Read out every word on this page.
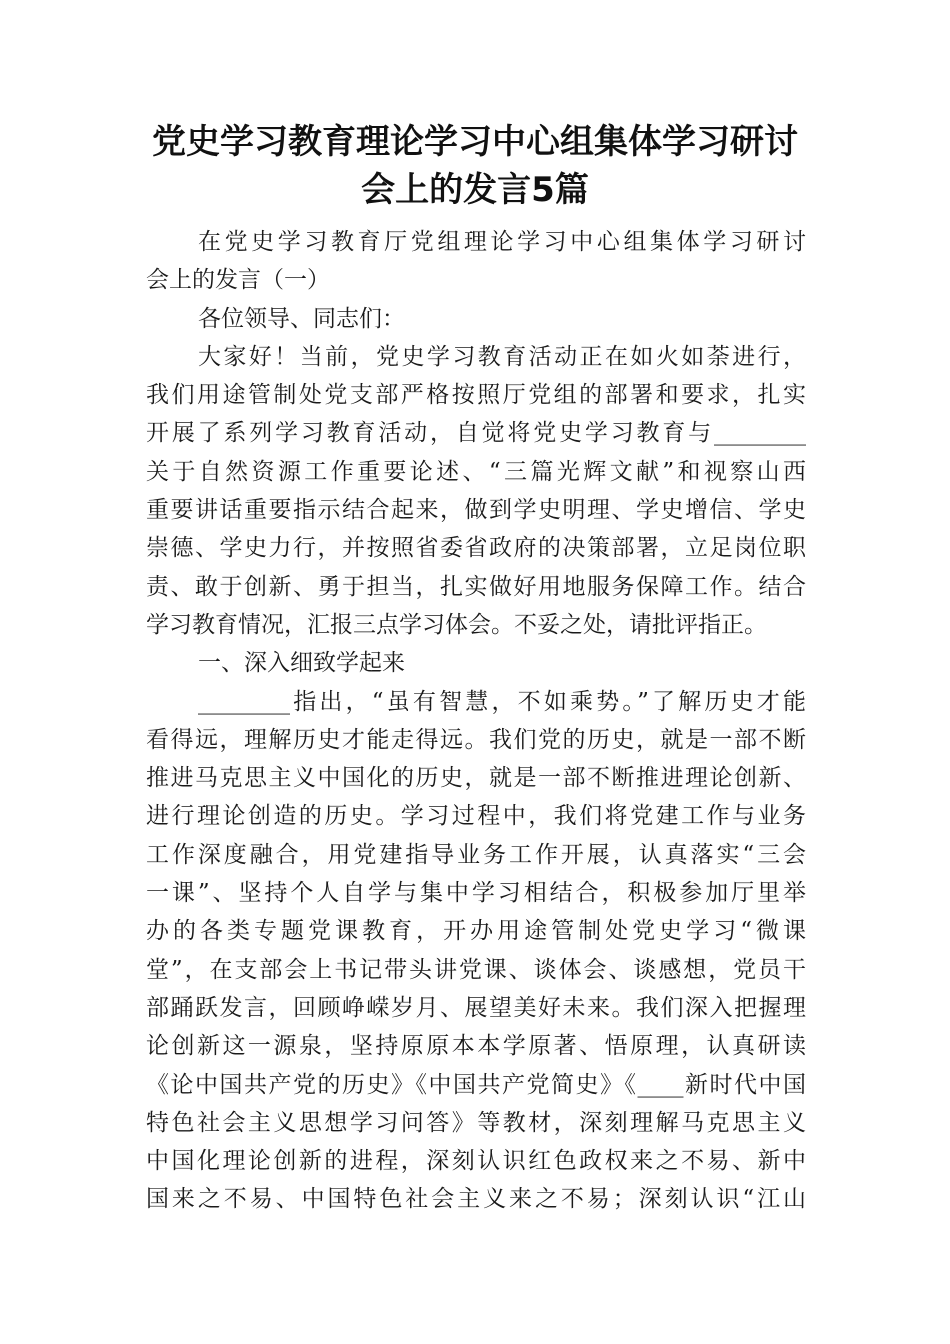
党史学习教育理论学习中心组集体学习研讨
会上的发言5篇
在党史学习教育厅党组理论学习中心组集体学习研讨
会上的发言（一）
各位领导、同志们：
大家好！当前，党史学习教育活动正在如火如荼进行，
我们用途管制处党支部严格按照厅党组的部署和要求，扎实
开展了系列学习教育活动，自觉将党史学习教育与________
关于自然资源工作重要论述、“三篇光辉文献”和视察山西
重要讲话重要指示结合起来，做到学史明理、学史增信、学史
崇德、学史力行，并按照省委省政府的决策部署，立足岗位职
责、敢于创新、勇于担当，扎实做好用地服务保障工作。结合
学习教育情况，汇报三点学习体会。不妥之处，请批评指正。
一、深入细致学起来
________指出，“虽有智慧，不如乘势。”了解历史才能
看得远，理解历史才能走得远。我们党的历史，就是一部不断
推进马克思主义中国化的历史，就是一部不断推进理论创新、
进行理论创造的历史。学习过程中，我们将党建工作与业务
工作深度融合，用党建指导业务工作开展，认真落实“三会
一课”、坚持个人自学与集中学习相结合，积极参加厅里举
办的各类专题党课教育，开办用途管制处党史学习“微课
堂”，在支部会上书记带头讲党课、谈体会、谈感想，党员干
部踊跃发言，回顾峥嵘岁月、展望美好未来。我们深入把握理
论创新这一源泉，坚持原原本本学原著、悟原理，认真研读
《论中国共产党的历史》《中国共产党简史》《____新时代中国
特色社会主义思想学习问答》等教材，深刻理解马克思主义
中国化理论创新的进程，深刻认识红色政权来之不易、新中
国来之不易、中国特色社会主义来之不易；深刻认识“江山
